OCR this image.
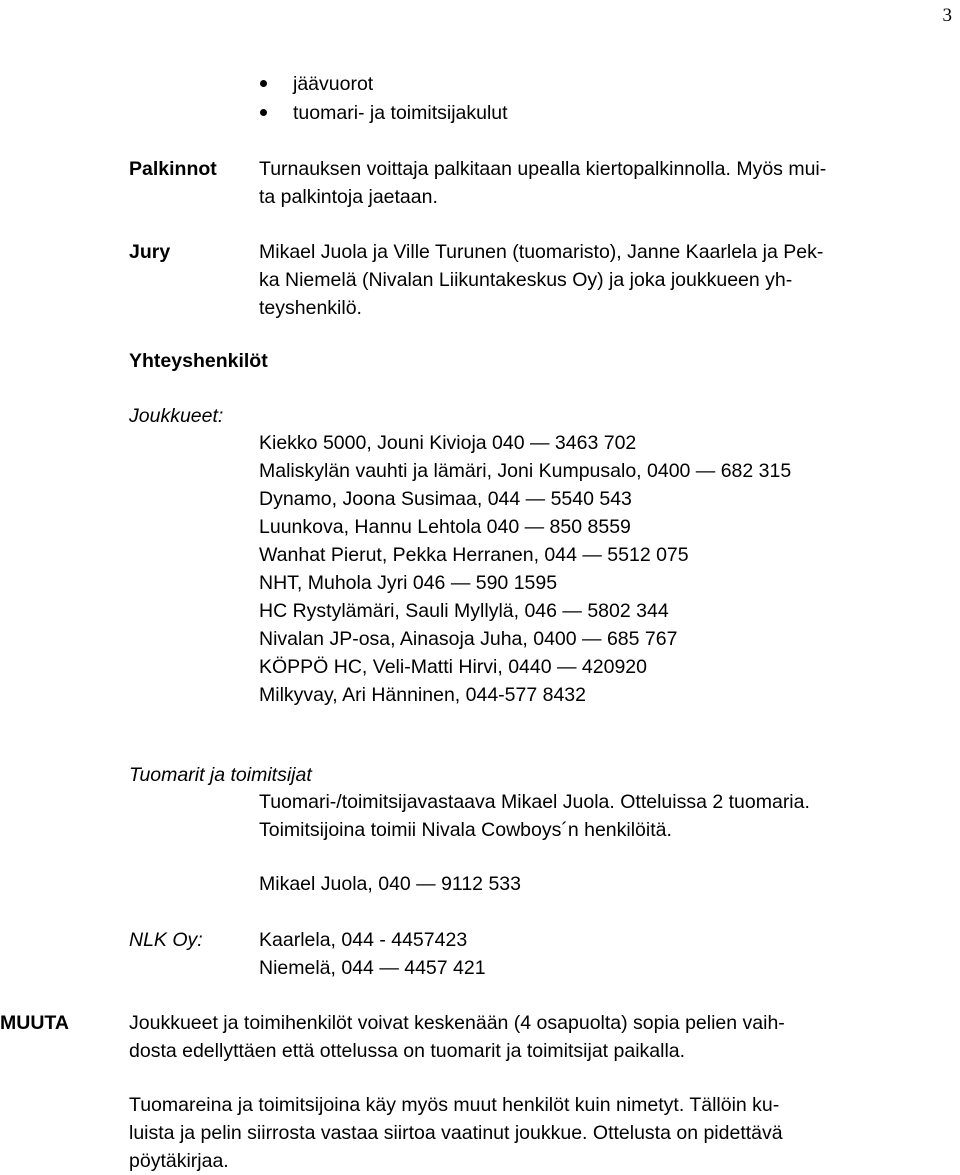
3
jäävuorot
tuomari- ja toimitsijakulut
Palkinnot Turnauksen voittaja palkitaan upealla kiertopalkinnolla. Myös mui-
ta palkintoja jaetaan.
Jury	Mikael Juola ja Ville Turunen (tuomaristo), Janne Kaarlela ja Pek-
ka Niemelä (Nivalan Liikuntakeskus Oy) ja joka joukkueen yh-
teyshenkilö.
Yhteyshenkilöt
Joukkueet:
Kiekko 5000, Jouni Kivioja 040 — 3463 702
Maliskylän vauhti ja lämäri, Joni Kumpusalo, 0400 — 682 315
Dynamo, Joona Susimaa, 044 — 5540 543
Luunkova, Hannu Lehtola 040 — 850 8559
Wanhat Pierut, Pekka Herranen, 044 — 5512 075
NHT, Muhola Jyri 046 — 590 1595
HC Rystylämäri, Sauli Myllylä, 046 — 5802 344
Nivalan JP-osa, Ainasoja Juha, 0400 — 685 767
KÖPPÖ HC, Veli-Matti Hirvi, 0440 — 420920
Milkyvay, Ari Hänninen, 044-577 8432
Tuomarit ja toimitsijat
Tuomari-/toimitsijavastaava Mikael Juola. Otteluissa 2 tuomaria.
Toimitsijoina toimii Nivala Cowboys´n henkilöitä.
Mikael Juola, 040 — 9112 533
NLK Oy:	Kaarlela, 044 - 4457423
Niemelä, 044 — 4457 421
MUUTA	Joukkueet ja toimihenkilöt voivat keskenään (4 osapuolta) sopia pelien vaih-
dosta edellyttäen että ottelussa on tuomarit ja toimitsijat paikalla.
Tuomareina ja toimitsijoina käy myös muut henkilöt kuin nimetyt. Tällöin ku-
luista ja pelin siirrosta vastaa siirtoa vaatinut joukkue. Ottelusta on pidettävä
pöytäkirjaa.
